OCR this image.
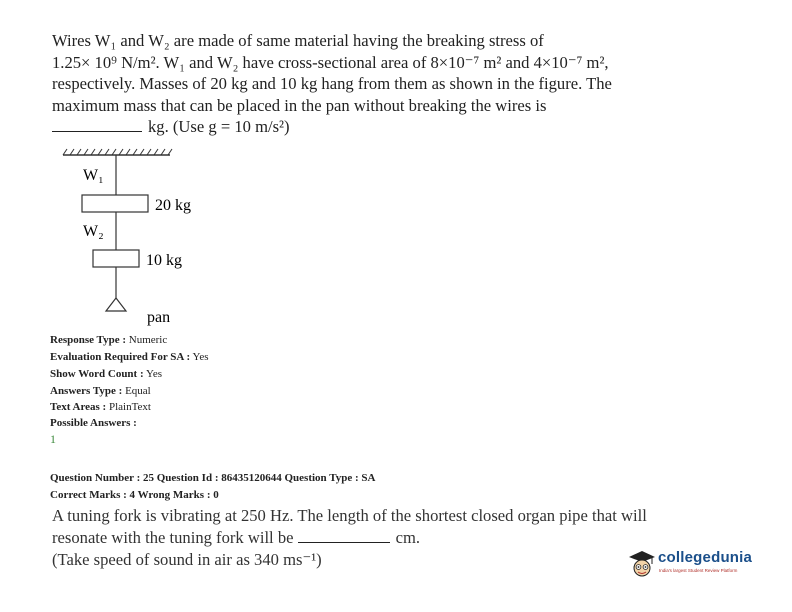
Wires W₁ and W₂ are made of same material having the breaking stress of

1.25× 10⁹ N/m². W₁ and W₂ have cross-sectional area of 8×10⁻⁷ m² and 4×10⁻⁷ m²,

respectively. Masses of 20 kg and 10 kg hang from them as shown in the figure. The

maximum mass that can be placed in the pan without breaking the wires is

kg. (Use g = 10 m/s²)

W₁
20 kg
W₂
10 kg
pan
Response Type : Numeric
Evaluation Required For SA : Yes
Show Word Count : Yes
Answers Type : Equal
Text Areas : PlainText
Possible Answers :
1
Question Number : 25 Question Id : 86435120644 Question Type : SA
Correct Marks : 4 Wrong Marks : 0

A tuning fork is vibrating at 250 Hz. The length of the shortest closed organ pipe that will

resonate with the tuning fork will be	cm.

(Take speed of sound in air as 340 ms⁻¹)	collegedunia
India's largest Student Review Platform
